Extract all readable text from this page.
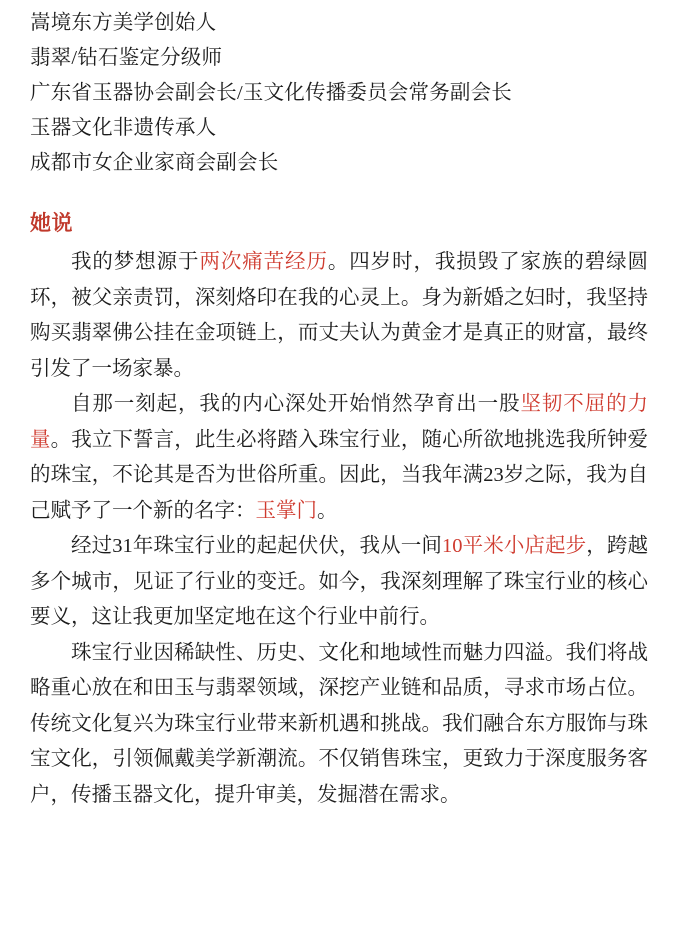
嵩境东方美学创始人
翡翠/钻石鉴定分级师
广东省玉器协会副会长/玉文化传播委员会常务副会长
玉器文化非遗传承人
成都市女企业家商会副会长
她说
我的梦想源于两次痛苦经历。四岁时，我损毁了家族的碧绿圆环，被父亲责罚，深刻烙印在我的心灵上。身为新婚之妇时，我坚持购买翡翠佛公挂在金项链上，而丈夫认为黄金才是真正的财富，最终引发了一场家暴。
自那一刻起，我的内心深处开始悄然孕育出一股坚韧不屈的力量。我立下誓言，此生必将踏入珠宝行业，随心所欲地挑选我所钟爱的珠宝，不论其是否为世俗所重。因此，当我年满23岁之际，我为自己赋予了一个新的名字：玉掌门。
经过31年珠宝行业的起起伏伏，我从一间10平米小店起步，跨越多个城市，见证了行业的变迁。如今，我深刻理解了珠宝行业的核心要义，这让我更加坚定地在这个行业中前行。
珠宝行业因稀缺性、历史、文化和地域性而魅力四溢。我们将战略重心放在和田玉与翡翠领域，深挖产业链和品质，寻求市场占位。传统文化复兴为珠宝行业带来新机遇和挑战。我们融合东方服饰与珠宝文化，引领佩戴美学新潮流。不仅销售珠宝，更致力于深度服务客户，传播玉器文化，提升审美，发掘潜在需求。
